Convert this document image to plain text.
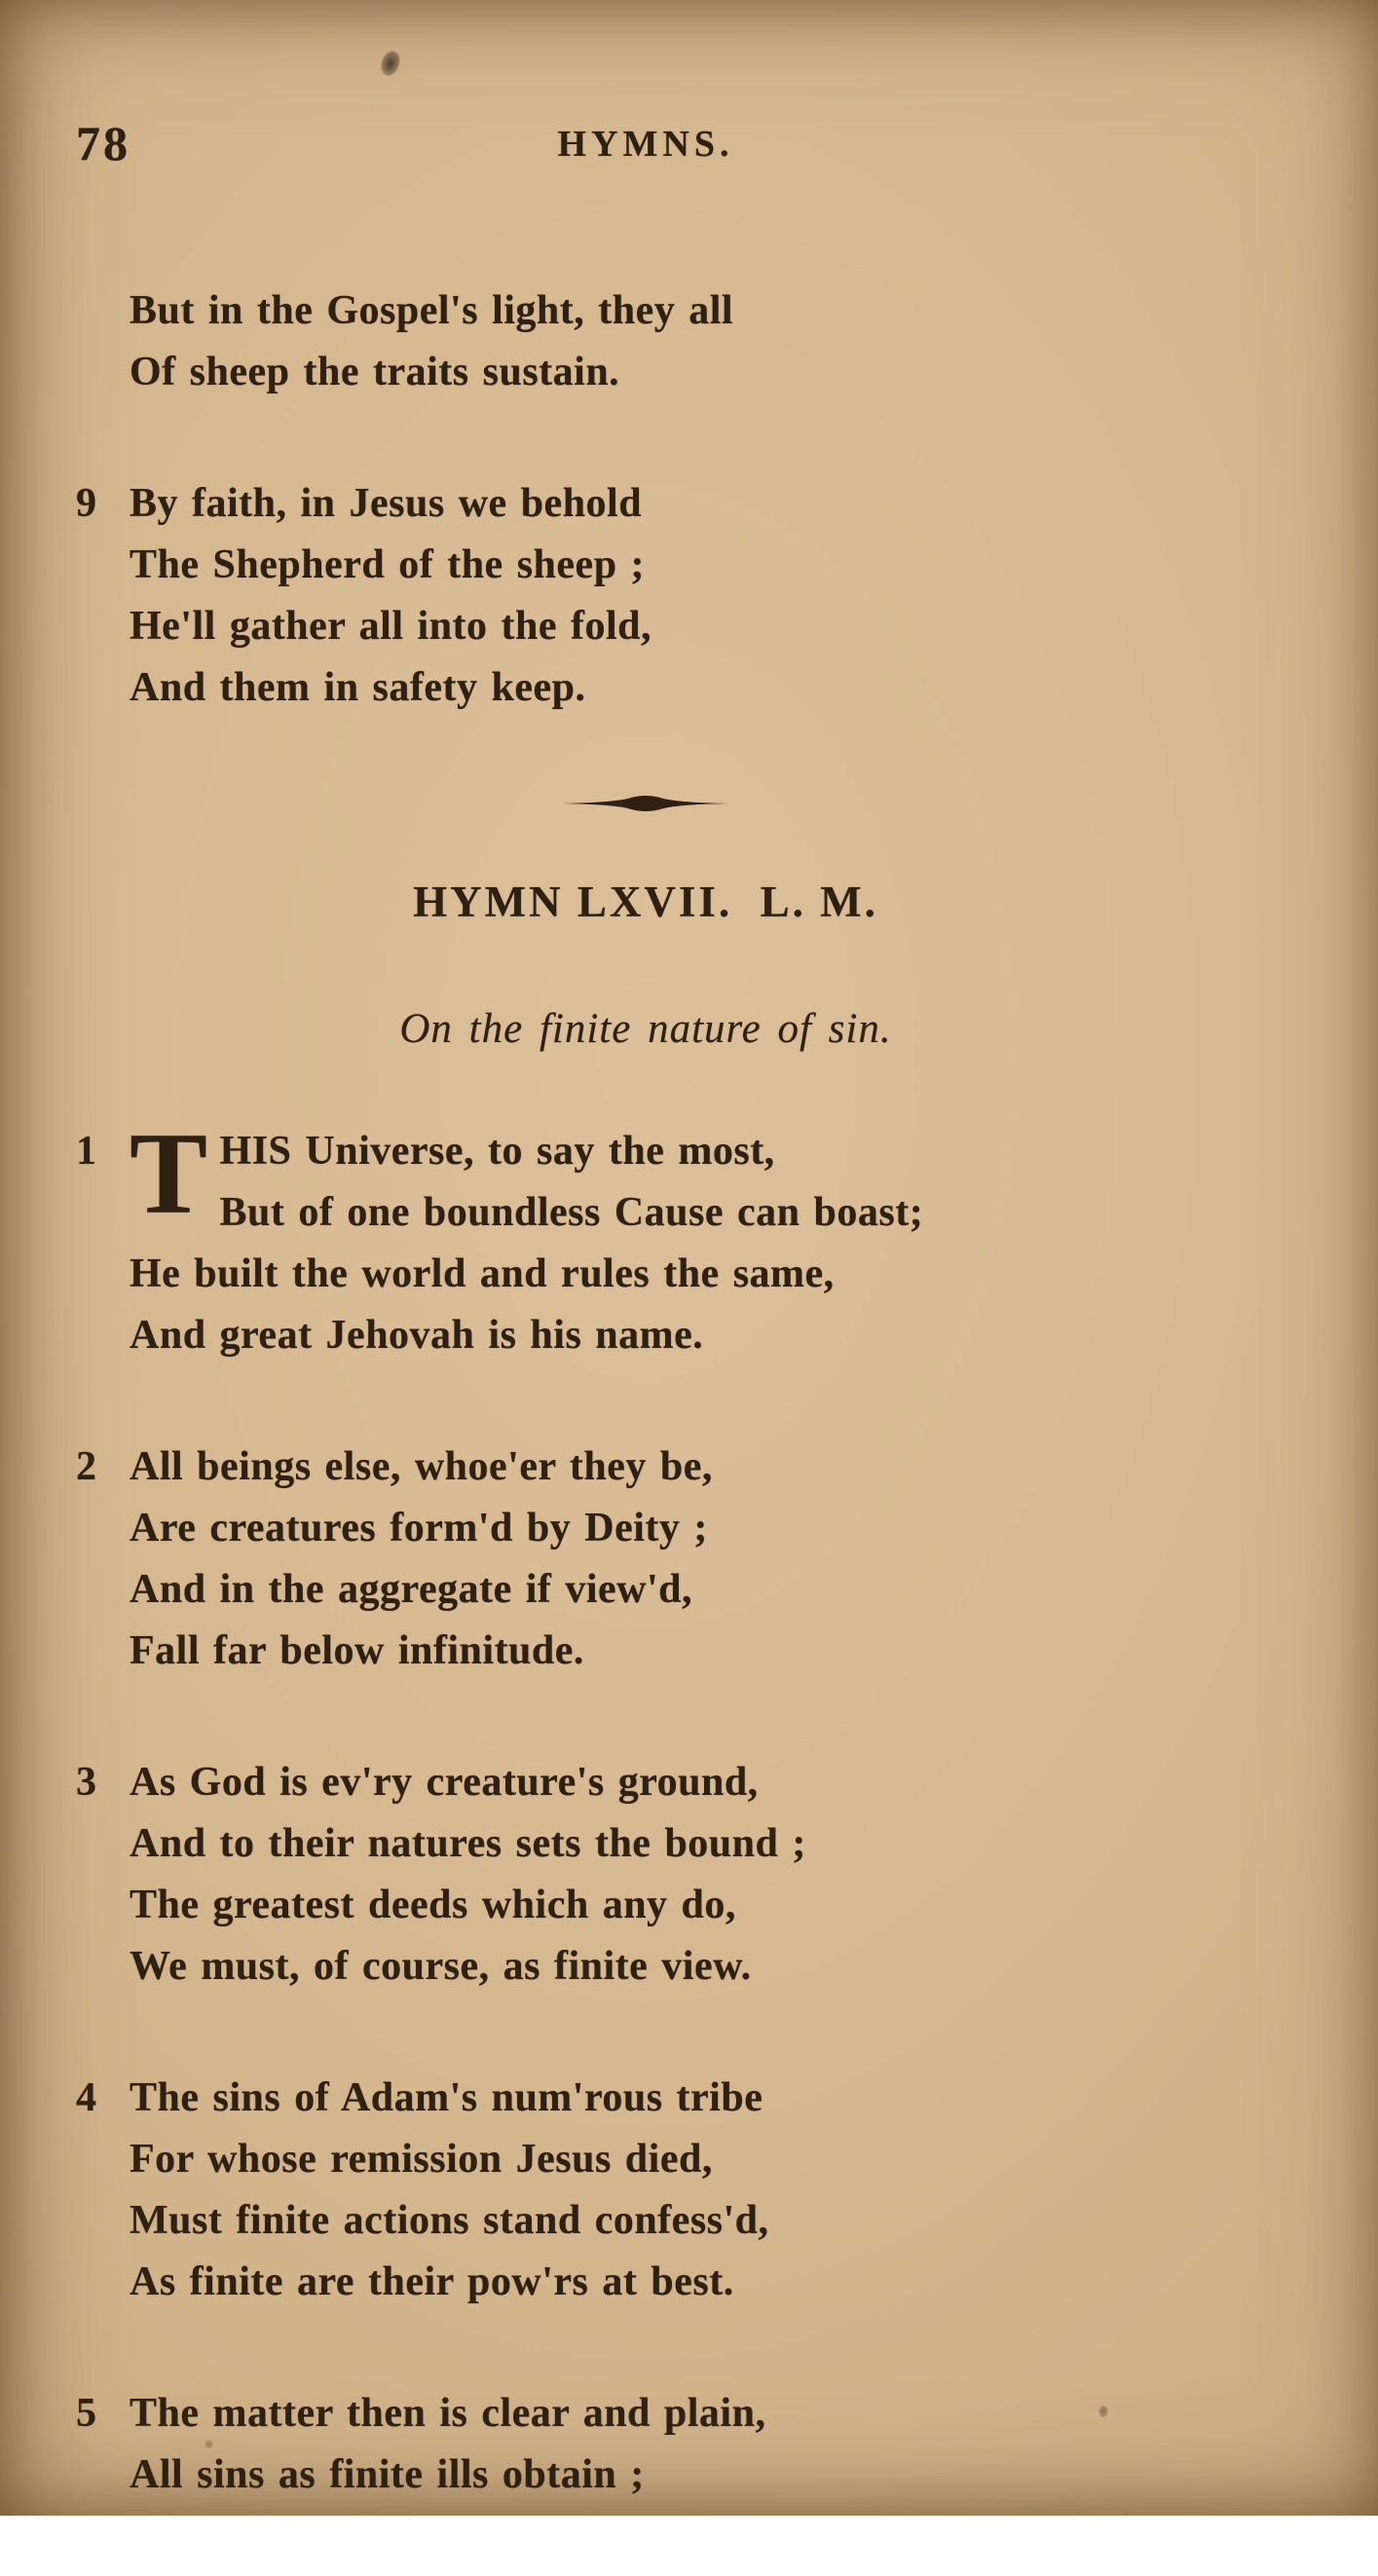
78	HYMNS.
But in the Gospel's light, they all
Of sheep the traits sustain.
9 By faith, in Jesus we behold
The Shepherd of the sheep ;
He'll gather all into the fold,
And them in safety keep.
HYMN LXVII.  L. M.
On the finite nature of sin.
1 T HIS Universe, to say the most,
But of one boundless Cause can boast;
He built the world and rules the same,
And great Jehovah is his name.
2 All beings else, whoe'er they be,
Are creatures form'd by Deity ;
And in the aggregate if view'd,
Fall far below infinitude.
3 As God is ev'ry creature's ground,
And to their natures sets the bound ;
The greatest deeds which any do,
We must, of course, as finite view.
4 The sins of Adam's num'rous tribe
For whose remission Jesus died,
Must finite actions stand confess'd,
As finite are their pow'rs at best.
5 The matter then is clear and plain,
All sins as finite ills obtain ;
